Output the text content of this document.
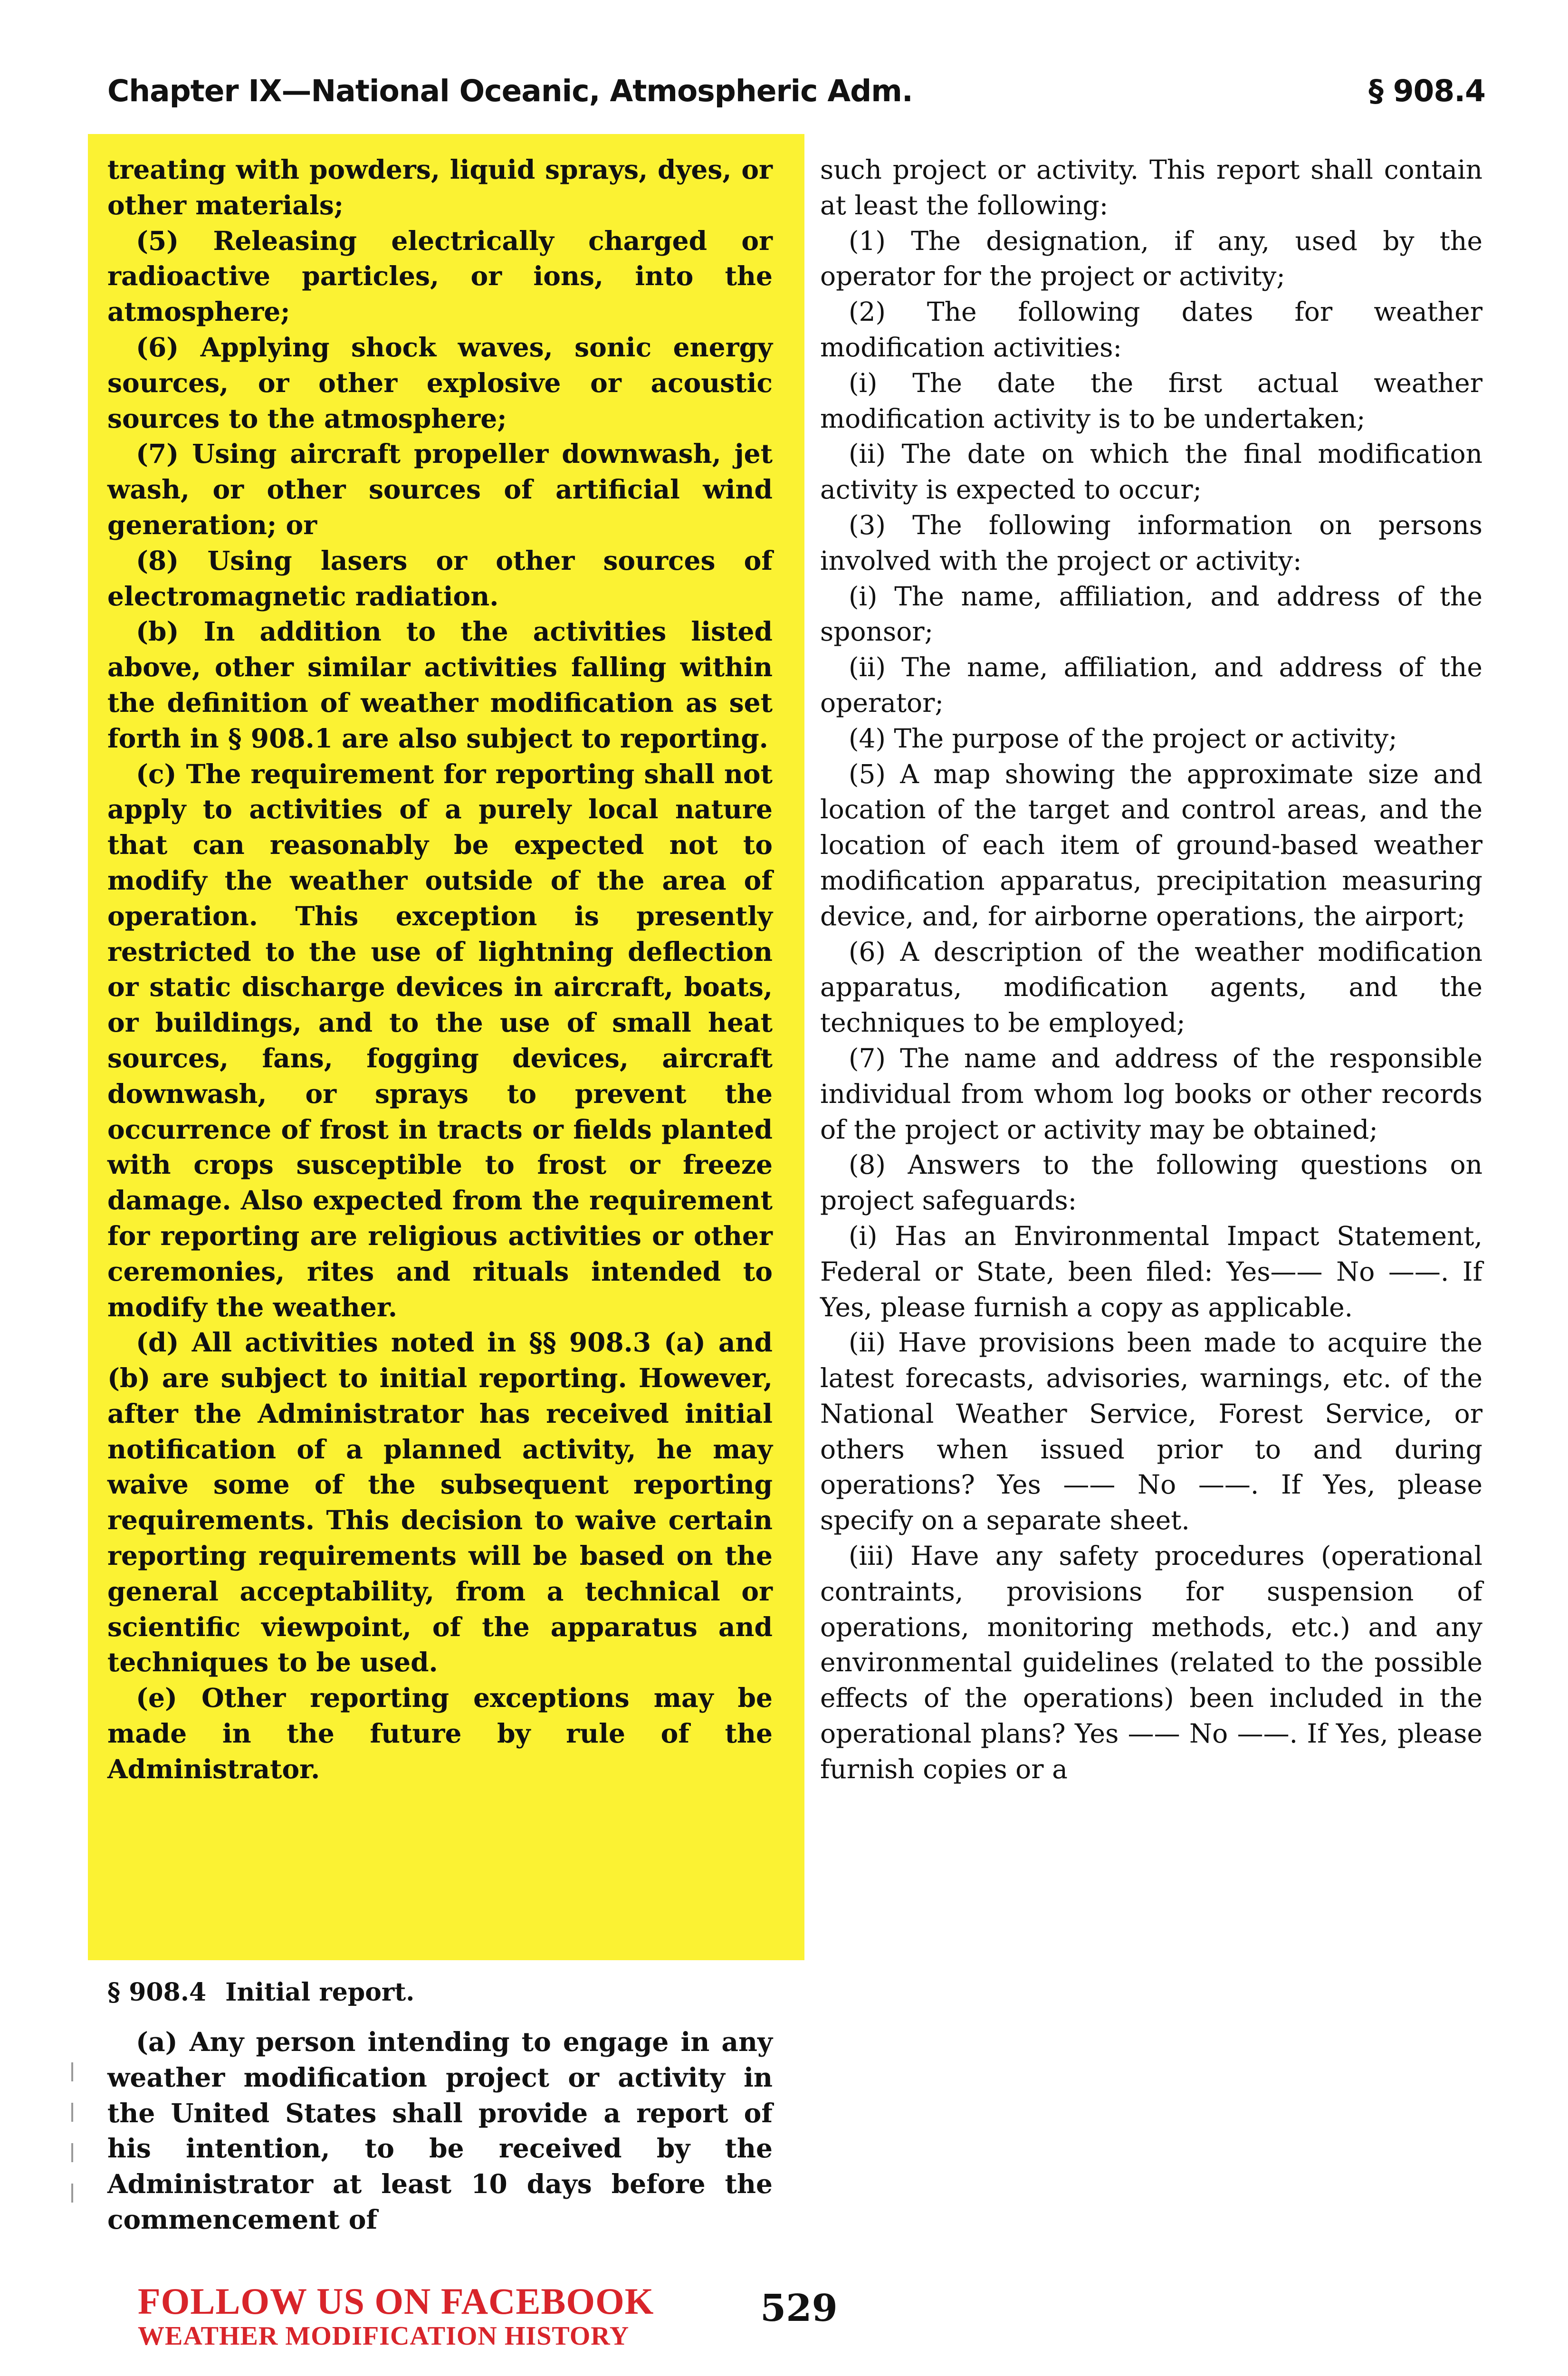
Chapter IX—National Oceanic, Atmospheric Adm.	§ 908.4

treating with powders, liquid sprays, dyes, or other materials;

(5) Releasing electrically charged or radioactive particles, or ions, into the atmosphere;

(6) Applying shock waves, sonic energy sources, or other explosive or acoustic sources to the atmosphere;

(7) Using aircraft propeller downwash, jet wash, or other sources of artificial wind generation; or

(8) Using lasers or other sources of electromagnetic radiation.

(b) In addition to the activities listed above, other similar activities falling within the definition of weather modification as set forth in § 908.1 are also subject to reporting.

(c) The requirement for reporting shall not apply to activities of a purely local nature that can reasonably be expected not to modify the weather outside of the area of operation. This exception is presently restricted to the use of lightning deflection or static discharge devices in aircraft, boats, or buildings, and to the use of small heat sources, fans, fogging devices, aircraft downwash, or sprays to prevent the occurrence of frost in tracts or fields planted with crops susceptible to frost or freeze damage. Also expected from the requirement for reporting are religious activities or other ceremonies, rites and rituals intended to modify the weather.

(d) All activities noted in §§ 908.3 (a) and (b) are subject to initial reporting. However, after the Administrator has received initial notification of a planned activity, he may waive some of the subsequent reporting requirements. This decision to waive certain reporting requirements will be based on the general acceptability, from a technical or scientific viewpoint, of the apparatus and techniques to be used.

(e) Other reporting exceptions may be made in the future by rule of the Administrator.

§ 908.4 Initial report.

(a) Any person intending to engage in any weather modification project or activity in the United States shall provide a report of his intention, to be received by the Administrator at least 10 days before the commencement of

such project or activity. This report shall contain at least the following:

(1) The designation, if any, used by the operator for the project or activity;

(2) The following dates for weather modification activities:

(i) The date the first actual weather modification activity is to be undertaken;

(ii) The date on which the final modification activity is expected to occur;

(3) The following information on persons involved with the project or activity:

(i) The name, affiliation, and address of the sponsor;

(ii) The name, affiliation, and address of the operator;

(4) The purpose of the project or activity;

(5) A map showing the approximate size and location of the target and control areas, and the location of each item of ground-based weather modification apparatus, precipitation measuring device, and, for airborne operations, the airport;

(6) A description of the weather modification apparatus, modification agents, and the techniques to be employed;

(7) The name and address of the responsible individual from whom log books or other records of the project or activity may be obtained;

(8) Answers to the following questions on project safeguards:

(i) Has an Environmental Impact Statement, Federal or State, been filed: Yes—— No ——. If Yes, please furnish a copy as applicable.

(ii) Have provisions been made to acquire the latest forecasts, advisories, warnings, etc. of the National Weather Service, Forest Service, or others when issued prior to and during operations? Yes —— No ——. If Yes, please specify on a separate sheet.

(iii) Have any safety procedures (operational contraints, provisions for suspension of operations, monitoring methods, etc.) and any environmental guidelines (related to the possible effects of the operations) been included in the operational plans? Yes —— No ——. If Yes, please furnish copies or a

FOLLOW US ON FACEBOOK
WEATHER MODIFICATION HISTORY
529
